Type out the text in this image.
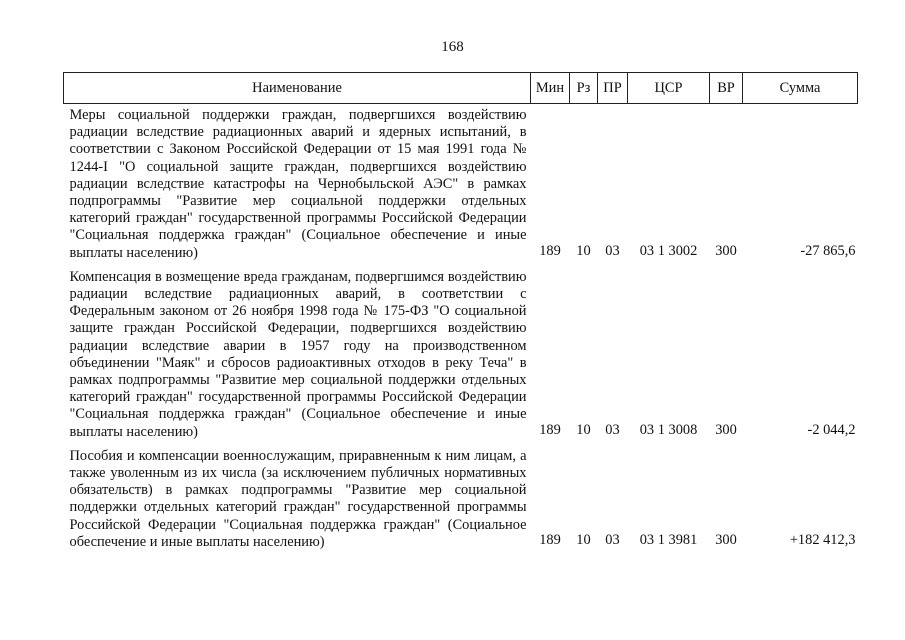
168
Наименование	Мин	Рз	ПР	ЦСР	ВР	Сумма
Меры социальной поддержки граждан, подвергшихся воздействию радиации вследствие радиационных аварий и ядерных испытаний, в соответствии с Законом Российской Федерации от 15 мая 1991 года № 1244-I "О социальной защите граждан, подвергшихся воздействию радиации вследствие катастрофы на Чернобыльской АЭС" в рамках подпрограммы "Развитие мер социальной поддержки отдельных категорий граждан" государственной программы Российской Федерации "Социальная поддержка граждан" (Социальное обеспечение и иные выплаты населению)	189	10	03	03 1 3002	300	-27 865,6
Компенсация в возмещение вреда гражданам, подвергшимся воздействию радиации вследствие радиационных аварий, в соответствии с Федеральным законом от 26 ноября 1998 года № 175-ФЗ "О социальной защите граждан Российской Федерации, подвергшихся воздействию радиации вследствие аварии в 1957 году на производственном объединении "Маяк" и сбросов радиоактивных отходов в реку Теча" в рамках подпрограммы "Развитие мер социальной поддержки отдельных категорий граждан" государственной программы Российской Федерации "Социальная поддержка граждан" (Социальное обеспечение и иные выплаты населению)	189	10	03	03 1 3008	300	-2 044,2
Пособия и компенсации военнослужащим, приравненным к ним лицам, а также уволенным из их числа (за исключением публичных нормативных обязательств) в рамках подпрограммы "Развитие мер социальной поддержки отдельных категорий граждан" государственной программы Российской Федерации "Социальная поддержка граждан" (Социальное обеспечение и иные выплаты населению)	189	10	03	03 1 3981	300	+182 412,3
